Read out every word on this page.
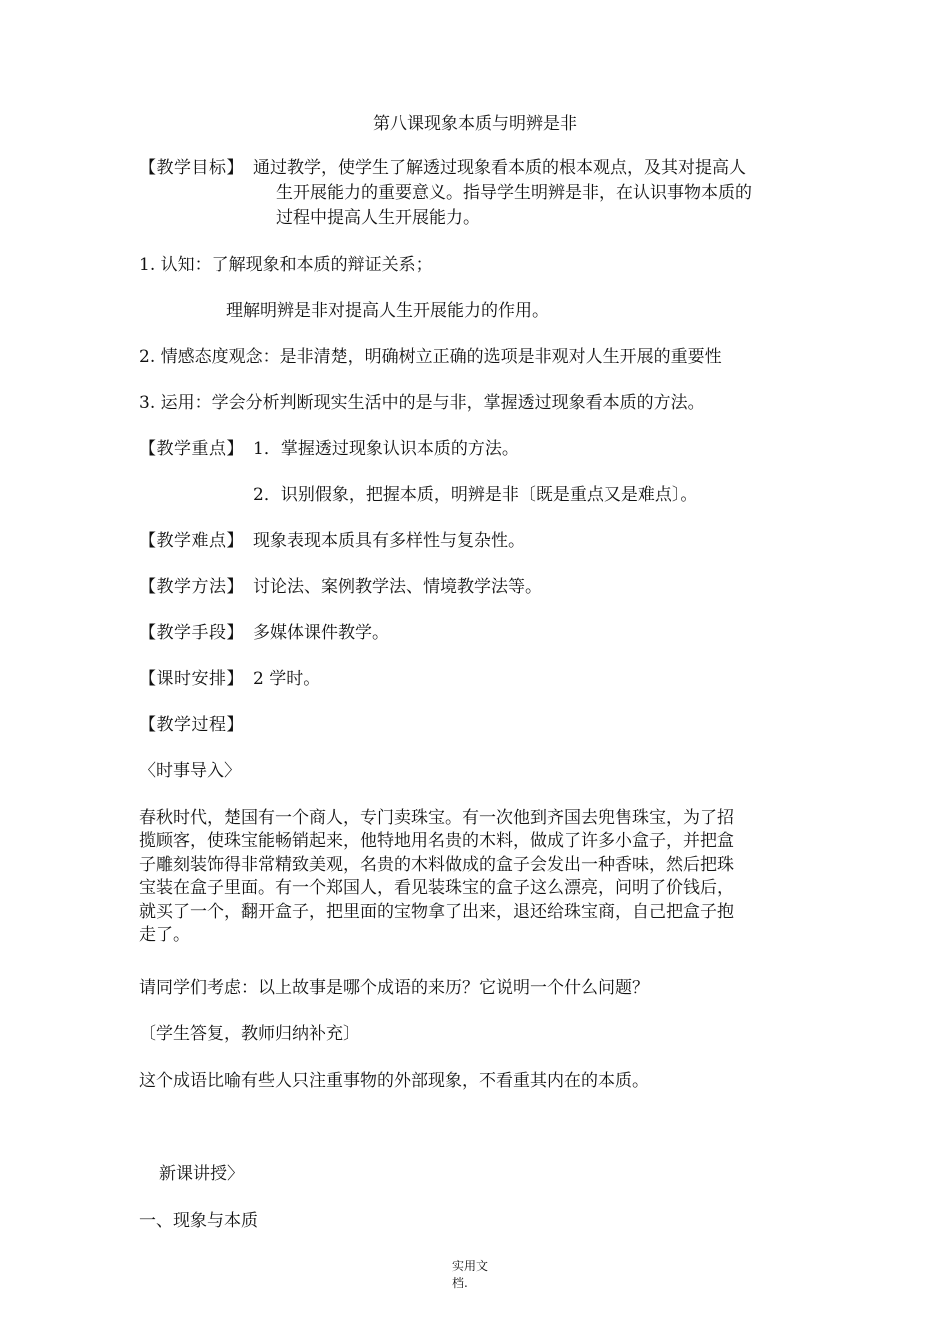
第八课现象本质与明辨是非
【教学目标】 通过教学，使学生了解透过现象看本质的根本观点，及其对提高人
生开展能力的重要意义。指导学生明辨是非，在认识事物本质的
过程中提高人生开展能力。
1. 认知：了解现象和本质的辩证关系；
理解明辨是非对提高人生开展能力的作用。
2. 情感态度观念：是非清楚，明确树立正确的选项是非观对人生开展的重要性
3. 运用：学会分析判断现实生活中的是与非，掌握透过现象看本质的方法。
【教学重点】 1．掌握透过现象认识本质的方法。
2．识别假象，把握本质，明辨是非〔既是重点又是难点〕。
【教学难点】 现象表现本质具有多样性与复杂性。
【教学方法】 讨论法、案例教学法、情境教学法等。
【教学手段】 多媒体课件教学。
【课时安排】 2 学时。
【教学过程】
〈时事导入〉
春秋时代，楚国有一个商人，专门卖珠宝。有一次他到齐国去兜售珠宝，为了招
揽顾客，使珠宝能畅销起来，他特地用名贵的木料，做成了许多小盒子，并把盒
子雕刻装饰得非常精致美观，名贵的木料做成的盒子会发出一种香味，然后把珠
宝装在盒子里面。有一个郑国人，看见装珠宝的盒子这么漂亮，问明了价钱后，
就买了一个，翻开盒子，把里面的宝物拿了出来，退还给珠宝商，自己把盒子抱
走了。
请同学们考虑：以上故事是哪个成语的来历？它说明一个什么问题？
〔学生答复，教师归纳补充〕
这个成语比喻有些人只注重事物的外部现象，不看重其内在的本质。
新课讲授〉
一、现象与本质
实用文
档.
